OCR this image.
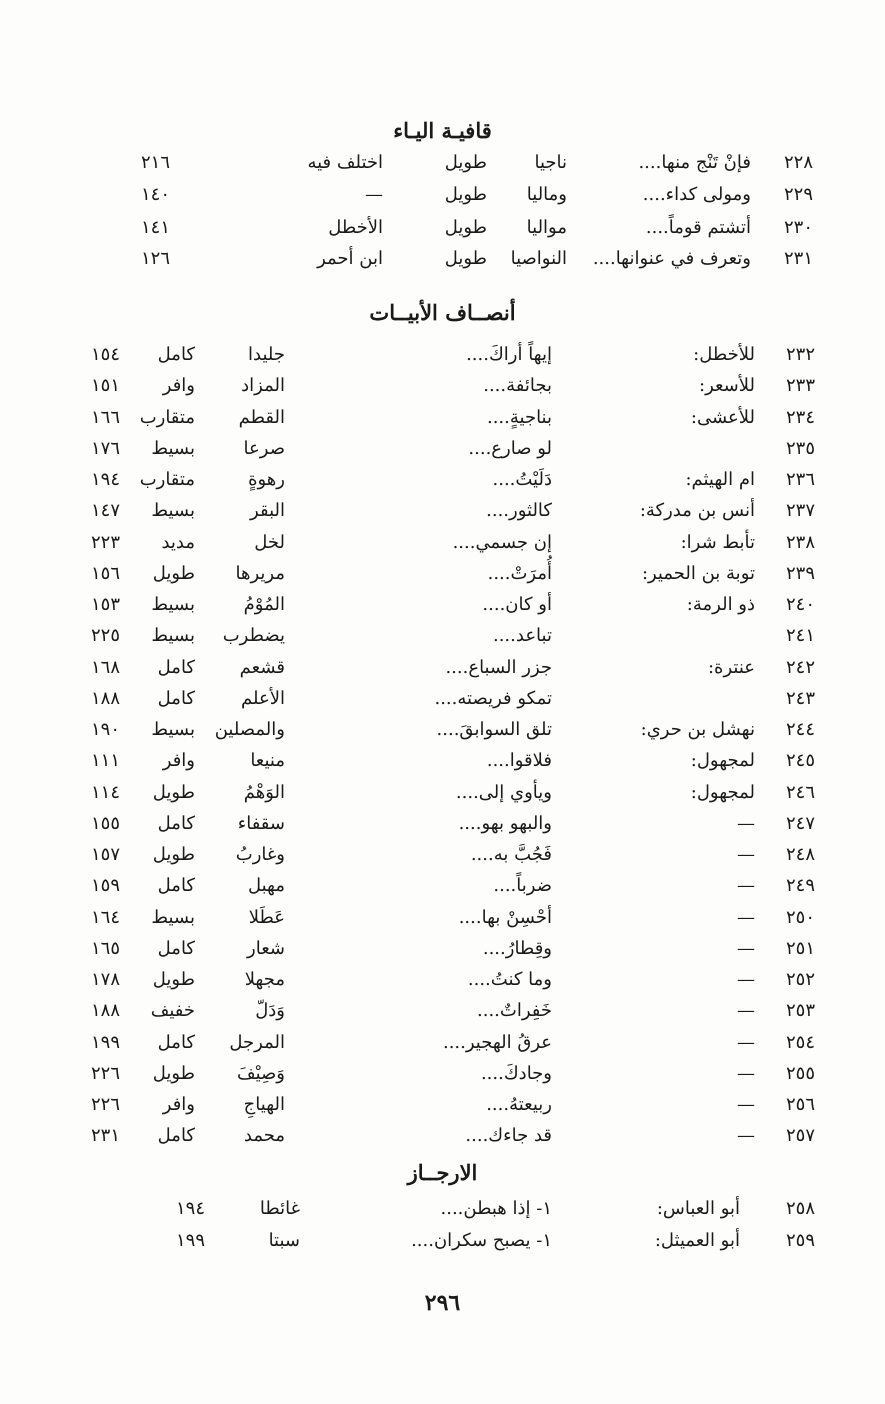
قافيـة اليـاء
٢٢٨
فإنْ تَنْج منها....
ناجيا
طويل
اختلف فيه
٢١٦
٢٢٩
ومولى كداء....
وماليا
طويل
—
١٤٠
٢٣٠
أتشتم قوماً....
مواليا
طويل
الأخطل
١٤١
٢٣١
وتعرف في عنوانها....
النواصيا
طويل
ابن أحمر
١٢٦
أنصــاف الأبيــات
٢٣٢
للأخطل:
إيهاً أراكَ....
جليدا
كامل
١٥٤
٢٣٣
للأسعر:
بجائفة....
المزاد
وافر
١٥١
٢٣٤
للأعشى:
بناجيةٍ....
القطم
متقارب
١٦٦
٢٣٥
لو صارع....
صرعا
بسيط
١٧٦
٢٣٦
ام الهيثم:
دَلَيْتُ....
رهوةٍ
متقارب
١٩٤
٢٣٧
أنس بن مدركة:
كالثور....
البقر
بسيط
١٤٧
٢٣٨
تأبط شرا:
إن جسمي....
لخل
مديد
٢٢٣
٢٣٩
توبة بن الحمير:
أُمرَتْ....
مريرها
طويل
١٥٦
٢٤٠
ذو الرمة:
أو كان....
المُوْمُ
بسيط
١٥٣
٢٤١
تباعد....
يضطرب
بسيط
٢٢٥
٢٤٢
عنترة:
جزر السباع....
قشعم
كامل
١٦٨
٢٤٣
تمكو فريصته....
الأعلم
كامل
١٨٨
٢٤٤
نهشل بن حري:
تلق السوابقَ....
والمصلين
بسيط
١٩٠
٢٤٥
لمجهول:
فلاقوا....
منيعا
وافر
١١١
٢٤٦
لمجهول:
ويأوي إلى....
الوَهْمُ
طويل
١١٤
٢٤٧
—
والبهو بهو....
سقفاء
كامل
١٥٥
٢٤٨
—
فَجُبَّ به....
وغاربُ
طويل
١٥٧
٢٤٩
—
ضرباً....
مهبل
كامل
١٥٩
٢٥٠
—
أحْسِنْ بها....
عَطَلا
بسيط
١٦٤
٢٥١
—
وقِطارُ....
شعار
كامل
١٦٥
٢٥٢
—
وما كنتُ....
مجهلا
طويل
١٧٨
٢٥٣
—
خَفِراتٌ....
وَدَلّ
خفيف
١٨٨
٢٥٤
—
عرقُ الهجير....
المرجل
كامل
١٩٩
٢٥٥
—
وجادكَ....
وَصِيْفَ
طويل
٢٢٦
٢٥٦
—
ربيعتهُ....
الهياجِ
وافر
٢٢٦
٢٥٧
—
قد جاءك....
محمد
كامل
٢٣١
الارجــاز
٢٥٨
أبو العباس:
١- إذا هبطن....
غائطا
١٩٤
٢٥٩
أبو العميثل:
١- يصبح سكران....
سبتا
١٩٩
٢٩٦
